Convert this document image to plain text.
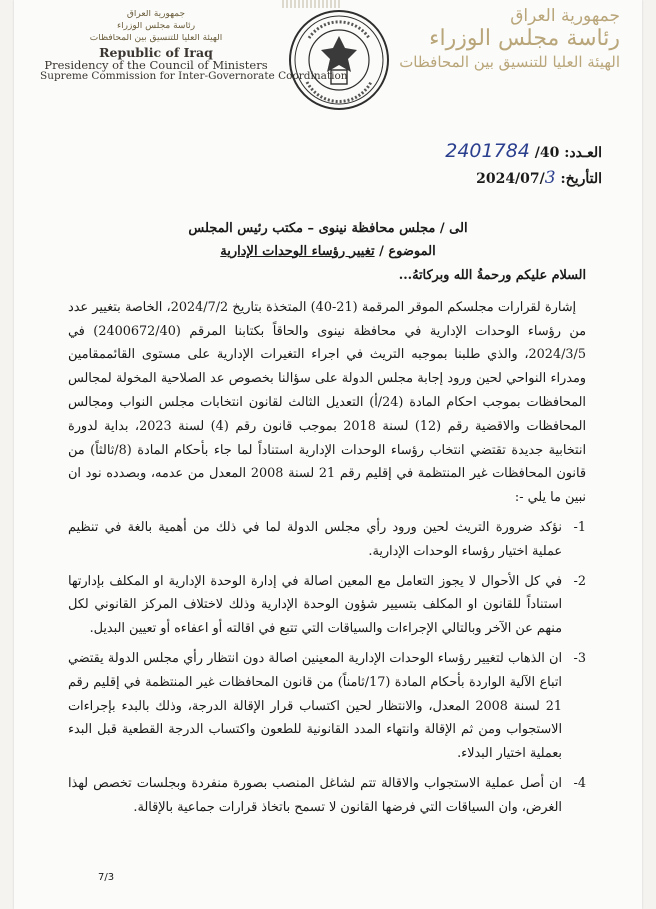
جمهورية العراق
رئاسة مجلس الوزراء
الهيئة العليا للتنسيق بين المحافظات
Republic of Iraq
Presidency of the Council of Ministers
Supreme Commission for Inter-Governorate Coordination
جمهورية العراق
رئاسة مجلس الوزراء
الهيئة العليا للتنسيق بين المحافظات
العـدد: 40/ 2401784
التأريخ: 2024/07/3
الى / مجلس محافظة نينوى – مكتب رئيس المجلس
الموضوع / تغيير رؤساء الوحدات الإدارية
السلام عليكم ورحمةُ الله وبركاتهُ...
إشارة لقرارات مجلسكم الموقر المرقمة (21-40) المتخذة بتاريخ 2024/7/2، الخاصة بتغيير عدد من رؤساء الوحدات الإدارية في محافظة نينوى والحاقاً بكتابنا المرقم (2400672/40) في 2024/3/5، والذي طلبنا بموجبه التريث في اجراء التغيرات الإدارية على مستوى القائممقامين ومدراء النواحي لحين ورود إجابة مجلس الدولة على سؤالنا بخصوص عد الصلاحية المخولة لمجالس المحافظات بموجب احكام المادة (24/أ) التعديل الثالث لقانون انتخابات مجلس النواب ومجالس المحافظات والاقضية رقم (12) لسنة 2018 بموجب قانون رقم (4) لسنة 2023، بداية لدورة انتخابية جديدة تقتضي انتخاب رؤساء الوحدات الإدارية استناداً لما جاء بأحكام المادة (8/ثالثاً) من قانون المحافظات غير المنتظمة في إقليم رقم 21 لسنة 2008 المعدل من عدمه، وبصدده نود ان نبين ما يلي -:
1-
نؤكد ضرورة التريث لحين ورود رأي مجلس الدولة لما في ذلك من أهمية بالغة في تنظيم عملية اختيار رؤساء الوحدات الإدارية.
2-
في كل الأحوال لا يجوز التعامل مع المعين اصالة في إدارة الوحدة الإدارية او المكلف بإدارتها استناداً للقانون او المكلف بتسيير شؤون الوحدة الإدارية وذلك لاختلاف المركز القانوني لكل منهم عن الآخر وبالتالي الإجراءات والسياقات التي تتبع في اقالته أو اعفاءه أو تعيين البديل.
3-
ان الذهاب لتغيير رؤساء الوحدات الإدارية المعينين اصالة دون انتظار رأي مجلس الدولة يقتضي اتباع الآلية الواردة بأحكام المادة (17/ثامناً) من قانون المحافظات غير المنتظمة في إقليم رقم 21 لسنة 2008 المعدل، والانتظار لحين اكتساب قرار الإقالة الدرجة، وذلك بالبدء بإجراءات الاستجواب ومن ثم الإقالة وانتهاء المدد القانونية للطعون واكتساب الدرجة القطعية قبل البدء بعملية اختيار البدلاء.
4-
ان أصل عملية الاستجواب والاقالة تتم لشاغل المنصب بصورة منفردة وبجلسات تخصص لهذا الغرض، وان السياقات التي فرضها القانون لا تسمح باتخاذ قرارات جماعية بالإقالة.
7/3
